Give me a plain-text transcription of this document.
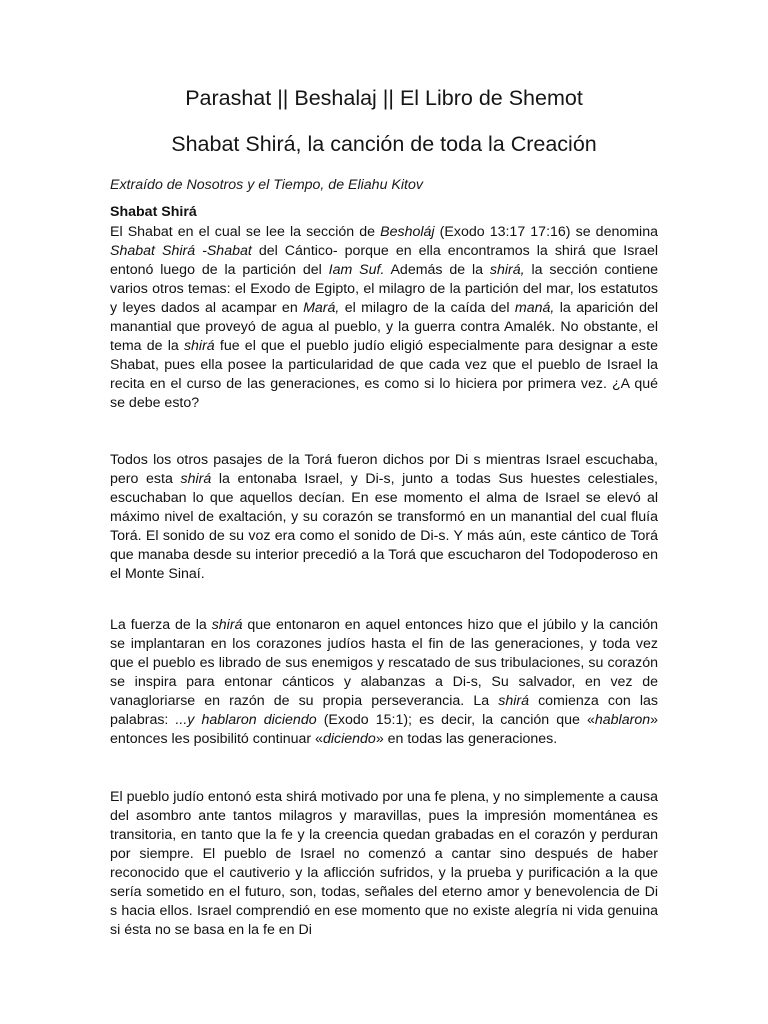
Parashat || Beshalaj || El Libro de Shemot
Shabat Shirá, la canción de toda la Creación

Extraído de Nosotros y el Tiempo, de Eliahu Kitov

Shabat Shirá

El Shabat en el cual se lee la sección de Besholáj (Exodo 13:17 17:16) se denomina Shabat Shirá -Shabat del Cántico- porque en ella encontramos la shirá que Israel entonó luego de la partición del Iam Suf. Además de la shirá, la sección contiene varios otros temas: el Exodo de Egipto, el milagro de la partición del mar, los estatutos y leyes dados al acampar en Mará, el milagro de la caída del maná, la aparición del manantial que proveyó de agua al pueblo, y la guerra contra Amalék. No obstante, el tema de la shirá fue el que el pueblo judío eligió especialmente para designar a este Shabat, pues ella posee la particularidad de que cada vez que el pueblo de Israel la recita en el curso de las generaciones, es como si lo hiciera por primera vez. ¿A qué se debe esto?

Todos los otros pasajes de la Torá fueron dichos por Di s mientras Israel escuchaba, pero esta shirá la entonaba Israel, y Di-s, junto a todas Sus huestes celestiales, escuchaban lo que aquellos decían. En ese momento el alma de Israel se elevó al máximo nivel de exaltación, y su corazón se transformó en un manantial del cual fluía Torá. El sonido de su voz era como el sonido de Di-s. Y más aún, este cántico de Torá que manaba desde su interior precedió a la Torá que escucharon del Todopoderoso en el Monte Sinaí.

La fuerza de la shirá que entonaron en aquel entonces hizo que el júbilo y la canción se implantaran en los corazones judíos hasta el fin de las generaciones, y toda vez que el pueblo es librado de sus enemigos y rescatado de sus tribulaciones, su corazón se inspira para entonar cánticos y alabanzas a Di-s, Su salvador, en vez de vanagloriarse en razón de su propia perseverancia. La shirá comienza con las palabras: ...y hablaron diciendo (Exodo 15:1); es decir, la canción que «hablaron» entonces les posibilitó continuar «diciendo» en todas las generaciones.

El pueblo judío entonó esta shirá motivado por una fe plena, y no simplemente a causa del asombro ante tantos milagros y maravillas, pues la impresión momentánea es transitoria, en tanto que la fe y la creencia quedan grabadas en el corazón y perduran por siempre. El pueblo de Israel no comenzó a cantar sino después de haber reconocido que el cautiverio y la aflicción sufridos, y la prueba y purificación a la que sería sometido en el futuro, son, todas, señales del eterno amor y benevolencia de Di s hacia ellos. Israel comprendió en ese momento que no existe alegría ni vida genuina si ésta no se basa en la fe en Di
